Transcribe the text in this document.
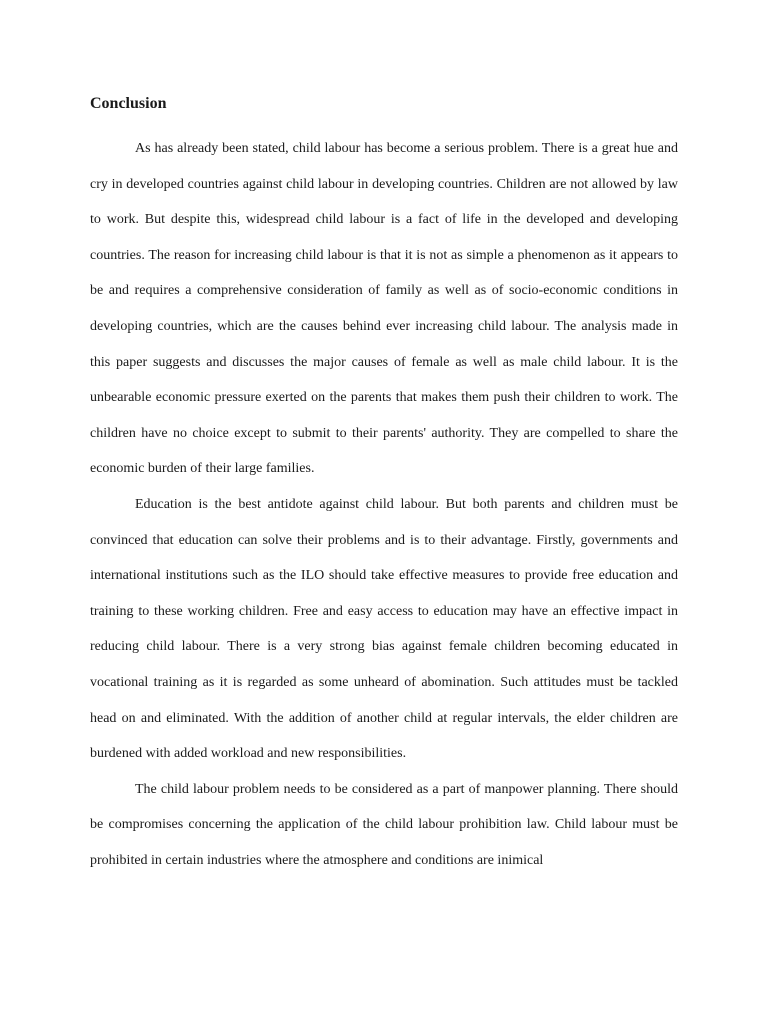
Conclusion

As has already been stated, child labour has become a serious problem. There is a great hue and cry in developed countries against child labour in developing countries. Children are not allowed by law to work. But despite this, widespread child labour is a fact of life in the developed and developing countries. The reason for increasing child labour is that it is not as simple a phenomenon as it appears to be and requires a comprehensive consideration of family as well as of socio-economic conditions in developing countries, which are the causes behind ever increasing child labour. The analysis made in this paper suggests and discusses the major causes of female as well as male child labour. It is the unbearable economic pressure exerted on the parents that makes them push their children to work. The children have no choice except to submit to their parents' authority. They are compelled to share the economic burden of their large families.

Education is the best antidote against child labour. But both parents and children must be convinced that education can solve their problems and is to their advantage. Firstly, governments and international institutions such as the ILO should take effective measures to provide free education and training to these working children. Free and easy access to education may have an effective impact in reducing child labour. There is a very strong bias against female children becoming educated in vocational training as it is regarded as some unheard of abomination. Such attitudes must be tackled head on and eliminated. With the addition of another child at regular intervals, the elder children are burdened with added workload and new responsibilities.

The child labour problem needs to be considered as a part of manpower planning. There should be compromises concerning the application of the child labour prohibition law. Child labour must be prohibited in certain industries where the atmosphere and conditions are inimical
